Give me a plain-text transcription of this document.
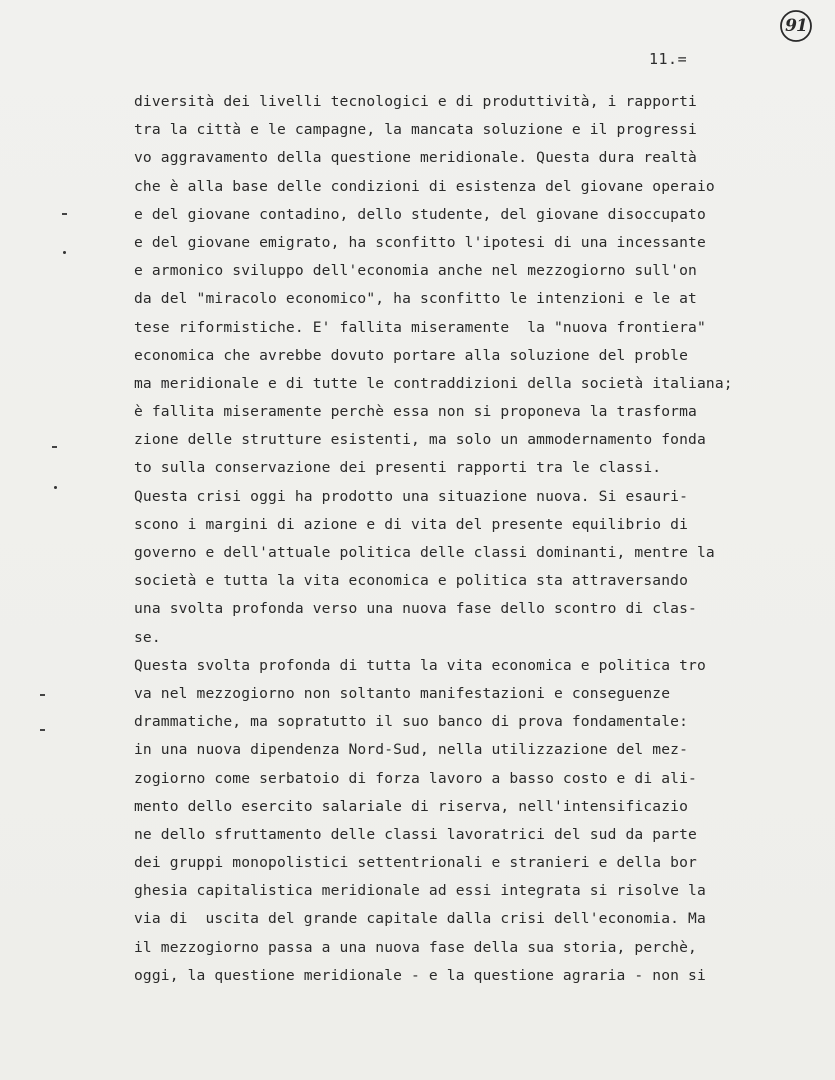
91
11.=
diversità dei livelli tecnologici e di produttività, i rapporti
tra la città e le campagne, la mancata soluzione e il progressi
vo aggravamento della questione meridionale. Questa dura realtà
che è alla base delle condizioni di esistenza del giovane operaio
e del giovane contadino, dello studente, del giovane disoccupato
e del giovane emigrato, ha sconfitto l'ipotesi di una incessante
e armonico sviluppo dell'economia anche nel mezzogiorno sull'on
da del "miracolo economico", ha sconfitto le intenzioni e le at
tese riformistiche. E' fallita miseramente  la "nuova frontiera"
economica che avrebbe dovuto portare alla soluzione del proble
ma meridionale e di tutte le contraddizioni della società italiana;
è fallita miseramente perchè essa non si proponeva la trasforma
zione delle strutture esistenti, ma solo un ammodernamento fonda
to sulla conservazione dei presenti rapporti tra le classi.
Questa crisi oggi ha prodotto una situazione nuova. Si esauri-
scono i margini di azione e di vita del presente equilibrio di
governo e dell'attuale politica delle classi dominanti, mentre la
società e tutta la vita economica e politica sta attraversando
una svolta profonda verso una nuova fase dello scontro di clas-
se.
Questa svolta profonda di tutta la vita economica e politica tro
va nel mezzogiorno non soltanto manifestazioni e conseguenze
drammatiche, ma sopratutto il suo banco di prova fondamentale:
in una nuova dipendenza Nord-Sud, nella utilizzazione del mez-
zogiorno come serbatoio di forza lavoro a basso costo e di ali-
mento dello esercito salariale di riserva, nell'intensificazio
ne dello sfruttamento delle classi lavoratrici del sud da parte
dei gruppi monopolistici settentrionali e stranieri e della bor
ghesia capitalistica meridionale ad essi integrata si risolve la
via di  uscita del grande capitale dalla crisi dell'economia. Ma
il mezzogiorno passa a una nuova fase della sua storia, perchè,
oggi, la questione meridionale - e la questione agraria - non si
